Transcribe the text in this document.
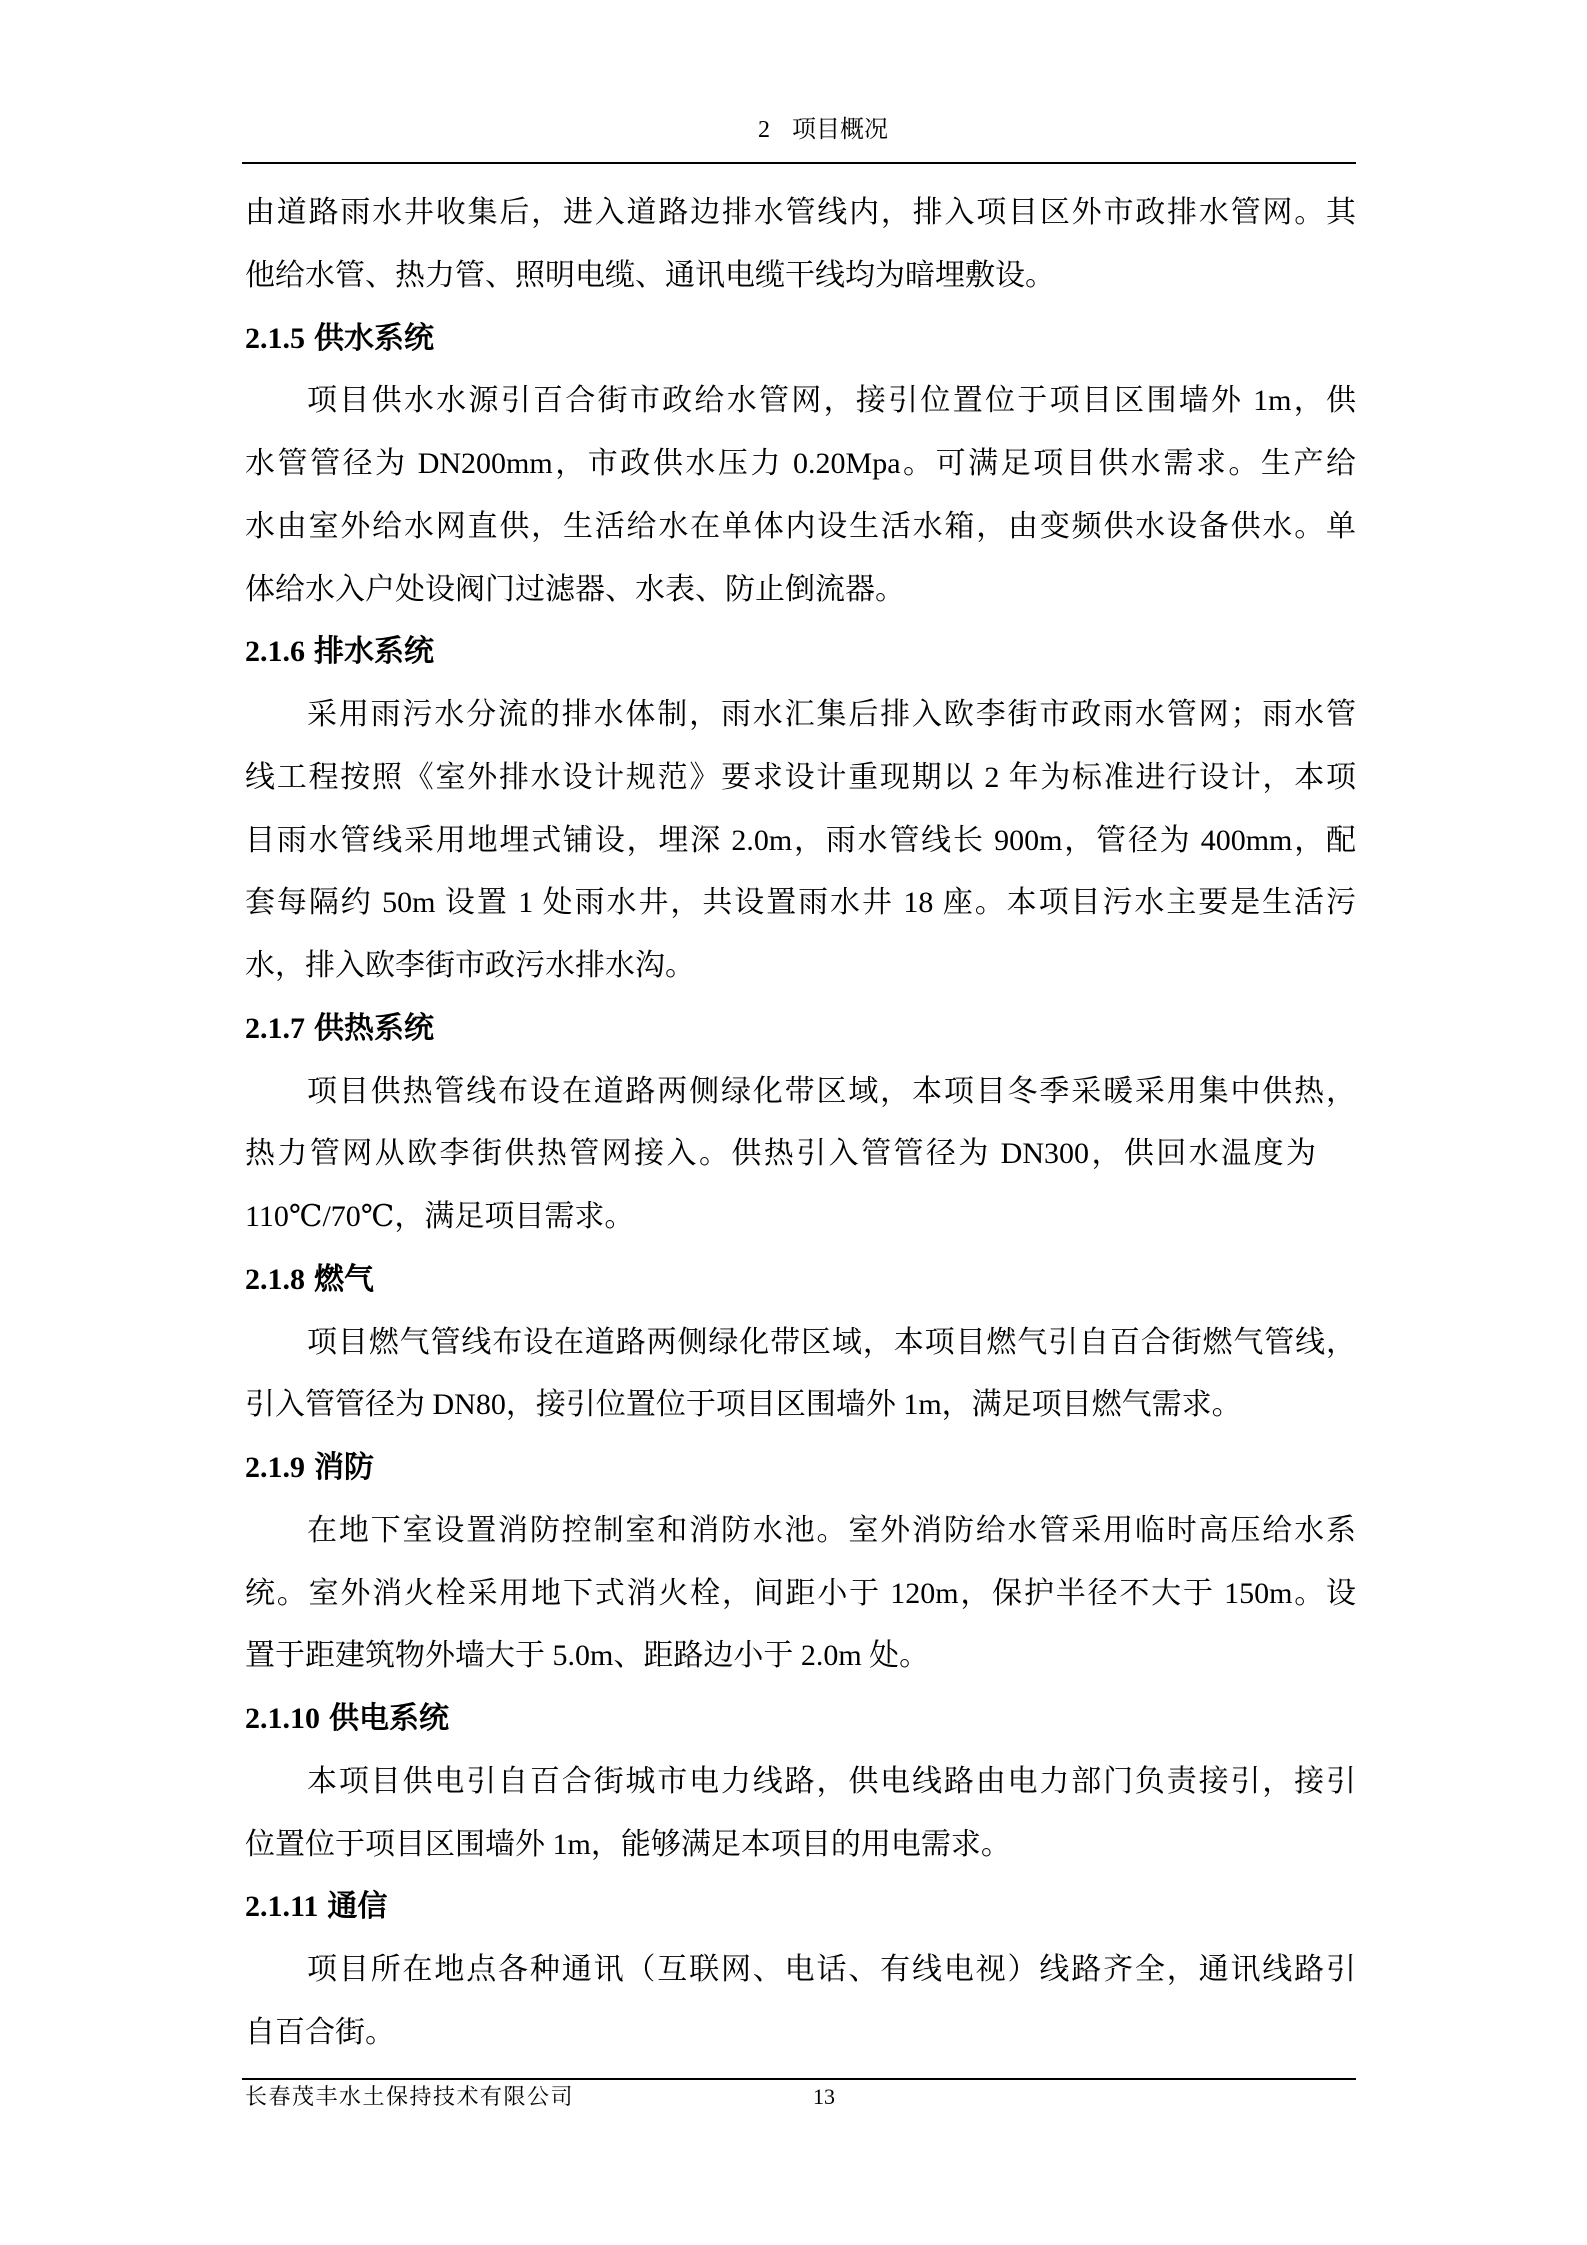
2 项目概况
由道路雨水井收集后，进入道路边排水管线内，排入项目区外市政排水管网。其
他给水管、热力管、照明电缆、通讯电缆干线均为暗埋敷设。
2.1.5 供水系统
项目供水水源引百合街市政给水管网，接引位置位于项目区围墙外 1m，供
水管管径为 DN200mm，市政供水压力 0.20Mpa。可满足项目供水需求。生产给
水由室外给水网直供，生活给水在单体内设生活水箱，由变频供水设备供水。单
体给水入户处设阀门过滤器、水表、防止倒流器。
2.1.6 排水系统
采用雨污水分流的排水体制，雨水汇集后排入欧李街市政雨水管网；雨水管
线工程按照《室外排水设计规范》要求设计重现期以 2 年为标准进行设计，本项
目雨水管线采用地埋式铺设，埋深 2.0m，雨水管线长 900m，管径为 400mm，配
套每隔约 50m 设置 1 处雨水井，共设置雨水井 18 座。本项目污水主要是生活污
水，排入欧李街市政污水排水沟。
2.1.7 供热系统
项目供热管线布设在道路两侧绿化带区域，本项目冬季采暖采用集中供热，
热力管网从欧李街供热管网接入。供热引入管管径为 DN300，供回水温度为
110℃/70℃，满足项目需求。
2.1.8 燃气
项目燃气管线布设在道路两侧绿化带区域，本项目燃气引自百合街燃气管线，
引入管管径为 DN80，接引位置位于项目区围墙外 1m，满足项目燃气需求。
2.1.9 消防
在地下室设置消防控制室和消防水池。室外消防给水管采用临时高压给水系
统。室外消火栓采用地下式消火栓，间距小于 120m，保护半径不大于 150m。设
置于距建筑物外墙大于 5.0m、距路边小于 2.0m 处。
2.1.10 供电系统
本项目供电引自百合街城市电力线路，供电线路由电力部门负责接引，接引
位置位于项目区围墙外 1m，能够满足本项目的用电需求。
2.1.11 通信
项目所在地点各种通讯（互联网、电话、有线电视）线路齐全，通讯线路引
自百合街。
长春茂丰水土保持技术有限公司	13
